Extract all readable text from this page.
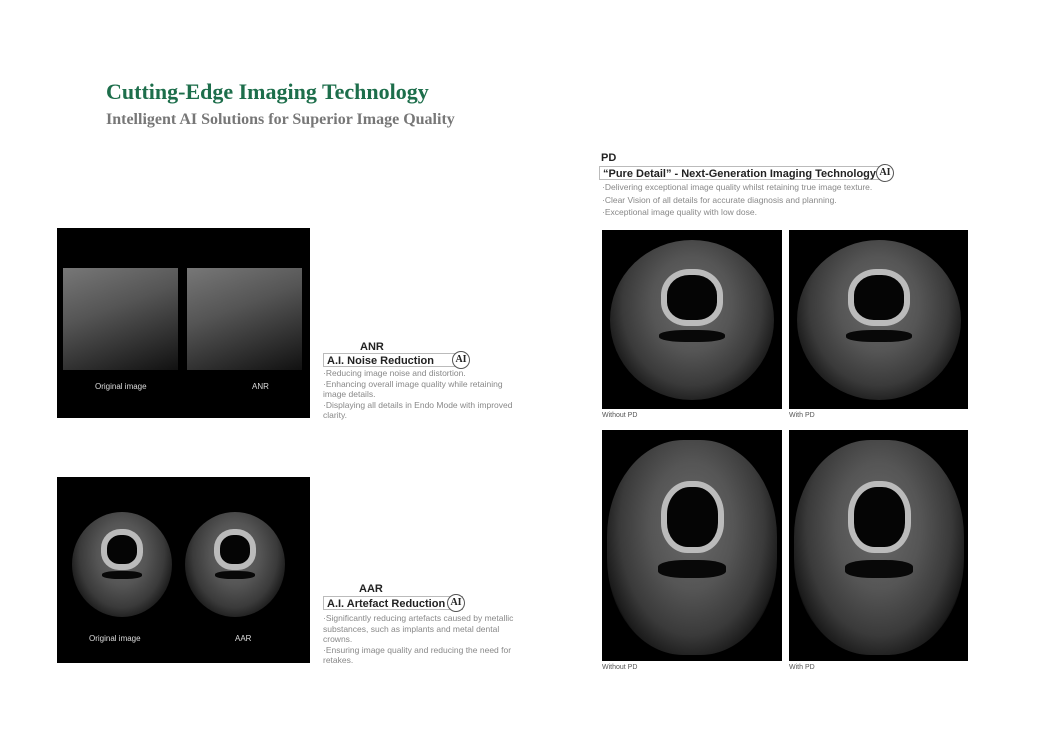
Cutting-Edge Imaging Technology
Intelligent AI Solutions for Superior Image Quality
Original image	ANR
ANR
A.I. Noise Reduction	AI
·Reducing image noise and distortion.
·Enhancing overall image quality while retaining image details.
·Displaying all details in Endo Mode with improved clarity.
Original image	AAR
AAR
A.I. Artefact Reduction AI
·Significantly reducing artefacts caused by metallic substances, such as implants and metal dental crowns.
·Ensuring image quality and reducing the need for retakes.
PD
“Pure Detail” - Next-Generation Imaging Technology AI
·Delivering exceptional image quality whilst retaining true image texture.
·Clear Vision of all details for accurate diagnosis and planning.
·Exceptional image quality with low dose.
Without PD	With PD
Without PD	With PD
